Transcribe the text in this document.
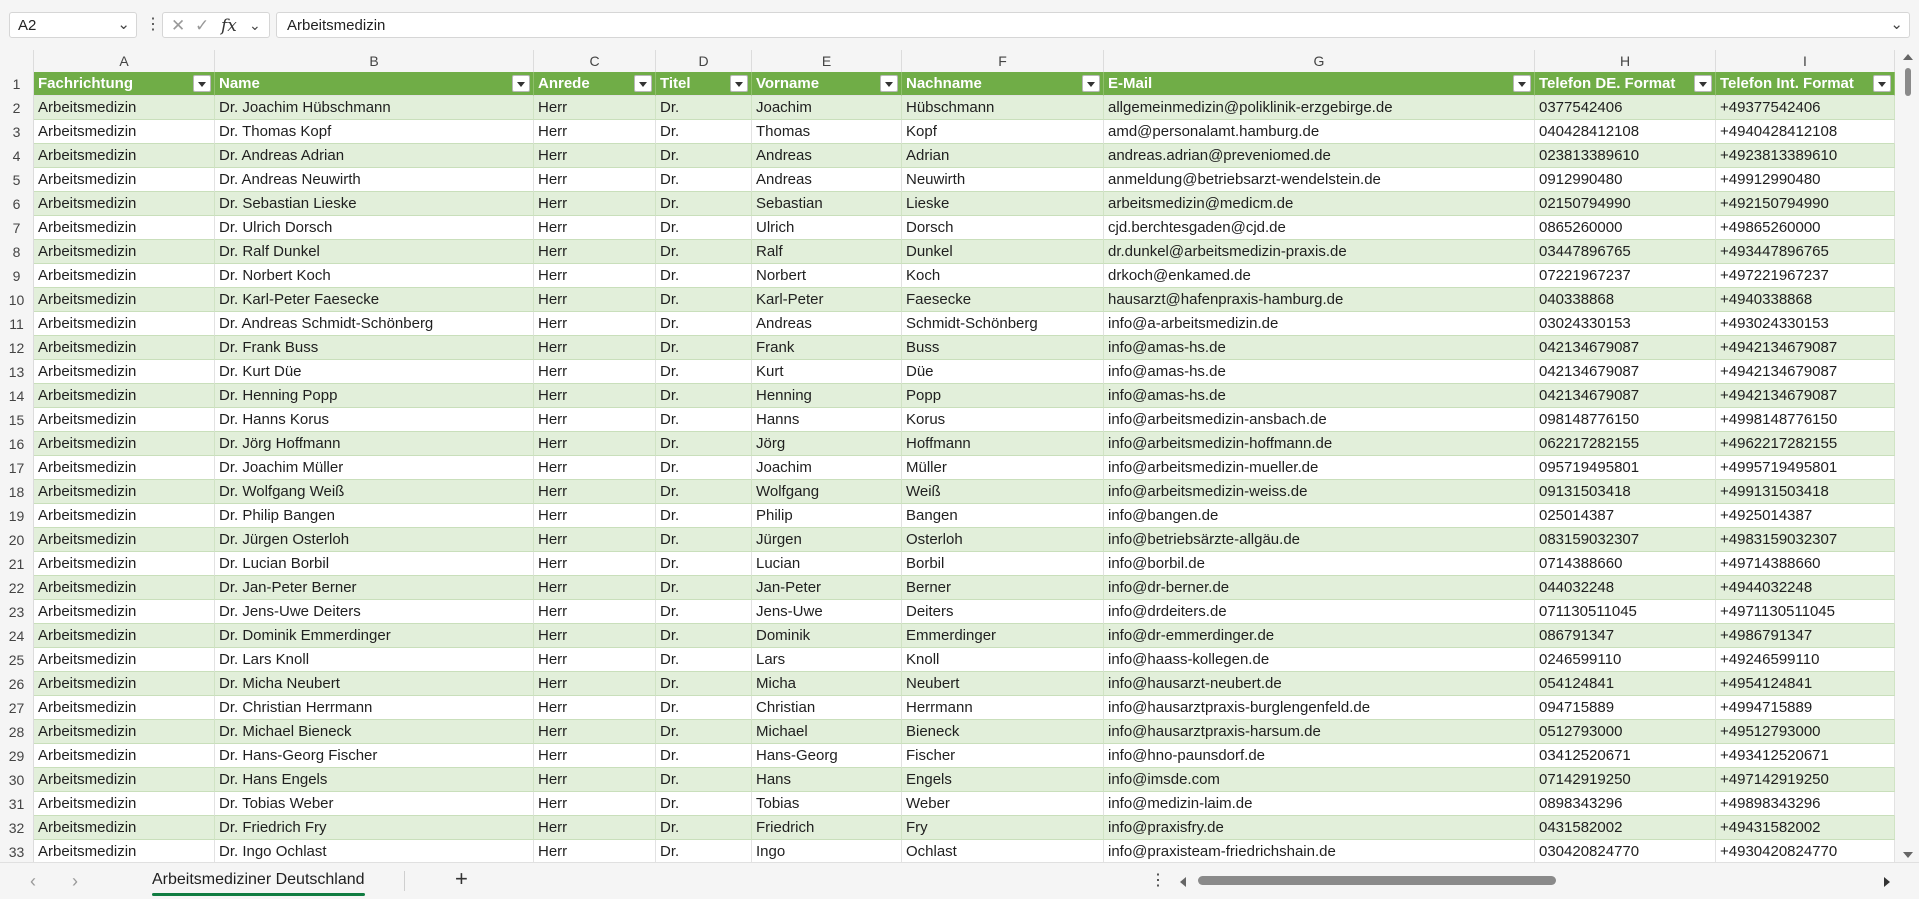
A2	⌄ ⋮ ✕ ✓ fx ⌄	Arbeitsmedizin	⌄
A	B	C	D	E	F	G	H	I
1	Fachrichtung	Name	Anrede	Titel	Vorname	Nachname	E-Mail	Telefon DE. Format	Telefon Int. Format
2	Arbeitsmedizin	Dr. Joachim Hübschmann	Herr	Dr.	Joachim	Hübschmann	allgemeinmedizin@poliklinik-erzgebirge.de	0377542406	+49377542406
3	Arbeitsmedizin	Dr. Thomas Kopf	Herr	Dr.	Thomas	Kopf	amd@personalamt.hamburg.de	040428412108	+4940428412108
4	Arbeitsmedizin	Dr. Andreas Adrian	Herr	Dr.	Andreas	Adrian	andreas.adrian@preveniomed.de	023813389610	+4923813389610
5	Arbeitsmedizin	Dr. Andreas Neuwirth	Herr	Dr.	Andreas	Neuwirth	anmeldung@betriebsarzt-wendelstein.de	0912990480	+49912990480
6	Arbeitsmedizin	Dr. Sebastian Lieske	Herr	Dr.	Sebastian	Lieske	arbeitsmedizin@medicm.de	02150794990	+492150794990
7	Arbeitsmedizin	Dr. Ulrich Dorsch	Herr	Dr.	Ulrich	Dorsch	cjd.berchtesgaden@cjd.de	0865260000	+49865260000
8	Arbeitsmedizin	Dr. Ralf Dunkel	Herr	Dr.	Ralf	Dunkel	dr.dunkel@arbeitsmedizin-praxis.de	03447896765	+493447896765
9	Arbeitsmedizin	Dr. Norbert Koch	Herr	Dr.	Norbert	Koch	drkoch@enkamed.de	07221967237	+497221967237
10 Arbeitsmedizin	Dr. Karl-Peter Faesecke	Herr	Dr.	Karl-Peter	Faesecke	hausarzt@hafenpraxis-hamburg.de	040338868	+4940338868
11 Arbeitsmedizin	Dr. Andreas Schmidt-Schönberg	Herr	Dr.	Andreas	Schmidt-Schönberg	info@a-arbeitsmedizin.de	03024330153	+493024330153
12 Arbeitsmedizin	Dr. Frank Buss	Herr	Dr.	Frank	Buss	info@amas-hs.de	042134679087	+4942134679087
13 Arbeitsmedizin	Dr. Kurt Düe	Herr	Dr.	Kurt	Düe	info@amas-hs.de	042134679087	+4942134679087
14 Arbeitsmedizin	Dr. Henning Popp	Herr	Dr.	Henning	Popp	info@amas-hs.de	042134679087	+4942134679087
15 Arbeitsmedizin	Dr. Hanns Korus	Herr	Dr.	Hanns	Korus	info@arbeitsmedizin-ansbach.de	098148776150	+4998148776150
16 Arbeitsmedizin	Dr. Jörg Hoffmann	Herr	Dr.	Jörg	Hoffmann	info@arbeitsmedizin-hoffmann.de	062217282155	+4962217282155
17 Arbeitsmedizin	Dr. Joachim Müller	Herr	Dr.	Joachim	Müller	info@arbeitsmedizin-mueller.de	095719495801	+4995719495801
18 Arbeitsmedizin	Dr. Wolfgang Weiß	Herr	Dr.	Wolfgang	Weiß	info@arbeitsmedizin-weiss.de	09131503418	+499131503418
19 Arbeitsmedizin	Dr. Philip Bangen	Herr	Dr.	Philip	Bangen	info@bangen.de	025014387	+4925014387
20 Arbeitsmedizin	Dr. Jürgen Osterloh	Herr	Dr.	Jürgen	Osterloh	info@betriebsärzte-allgäu.de	083159032307	+4983159032307
21 Arbeitsmedizin	Dr. Lucian Borbil	Herr	Dr.	Lucian	Borbil	info@borbil.de	0714388660	+49714388660
22 Arbeitsmedizin	Dr. Jan-Peter Berner	Herr	Dr.	Jan-Peter	Berner	info@dr-berner.de	044032248	+4944032248
23 Arbeitsmedizin	Dr. Jens-Uwe Deiters	Herr	Dr.	Jens-Uwe	Deiters	info@drdeiters.de	071130511045	+4971130511045
24 Arbeitsmedizin	Dr. Dominik Emmerdinger	Herr	Dr.	Dominik	Emmerdinger	info@dr-emmerdinger.de	086791347	+4986791347
25 Arbeitsmedizin	Dr. Lars Knoll	Herr	Dr.	Lars	Knoll	info@haass-kollegen.de	0246599110	+49246599110
26 Arbeitsmedizin	Dr. Micha Neubert	Herr	Dr.	Micha	Neubert	info@hausarzt-neubert.de	054124841	+4954124841
27 Arbeitsmedizin	Dr. Christian Herrmann	Herr	Dr.	Christian	Herrmann	info@hausarztpraxis-burglengenfeld.de	094715889	+4994715889
28 Arbeitsmedizin	Dr. Michael Bieneck	Herr	Dr.	Michael	Bieneck	info@hausarztpraxis-harsum.de	0512793000	+49512793000
29 Arbeitsmedizin	Dr. Hans-Georg Fischer	Herr	Dr.	Hans-Georg	Fischer	info@hno-paunsdorf.de	03412520671	+493412520671
30 Arbeitsmedizin	Dr. Hans Engels	Herr	Dr.	Hans	Engels	info@imsde.com	07142919250	+497142919250
31 Arbeitsmedizin	Dr. Tobias Weber	Herr	Dr.	Tobias	Weber	info@medizin-laim.de	0898343296	+49898343296
32 Arbeitsmedizin	Dr. Friedrich Fry	Herr	Dr.	Friedrich	Fry	info@praxisfry.de	0431582002	+49431582002
33 Arbeitsmedizin	Dr. Ingo Ochlast	Herr	Dr.	Ingo	Ochlast	info@praxisteam-friedrichshain.de	030420824770	+4930420824770
‹ ›	Arbeitsmediziner Deutschland	+	⋮
